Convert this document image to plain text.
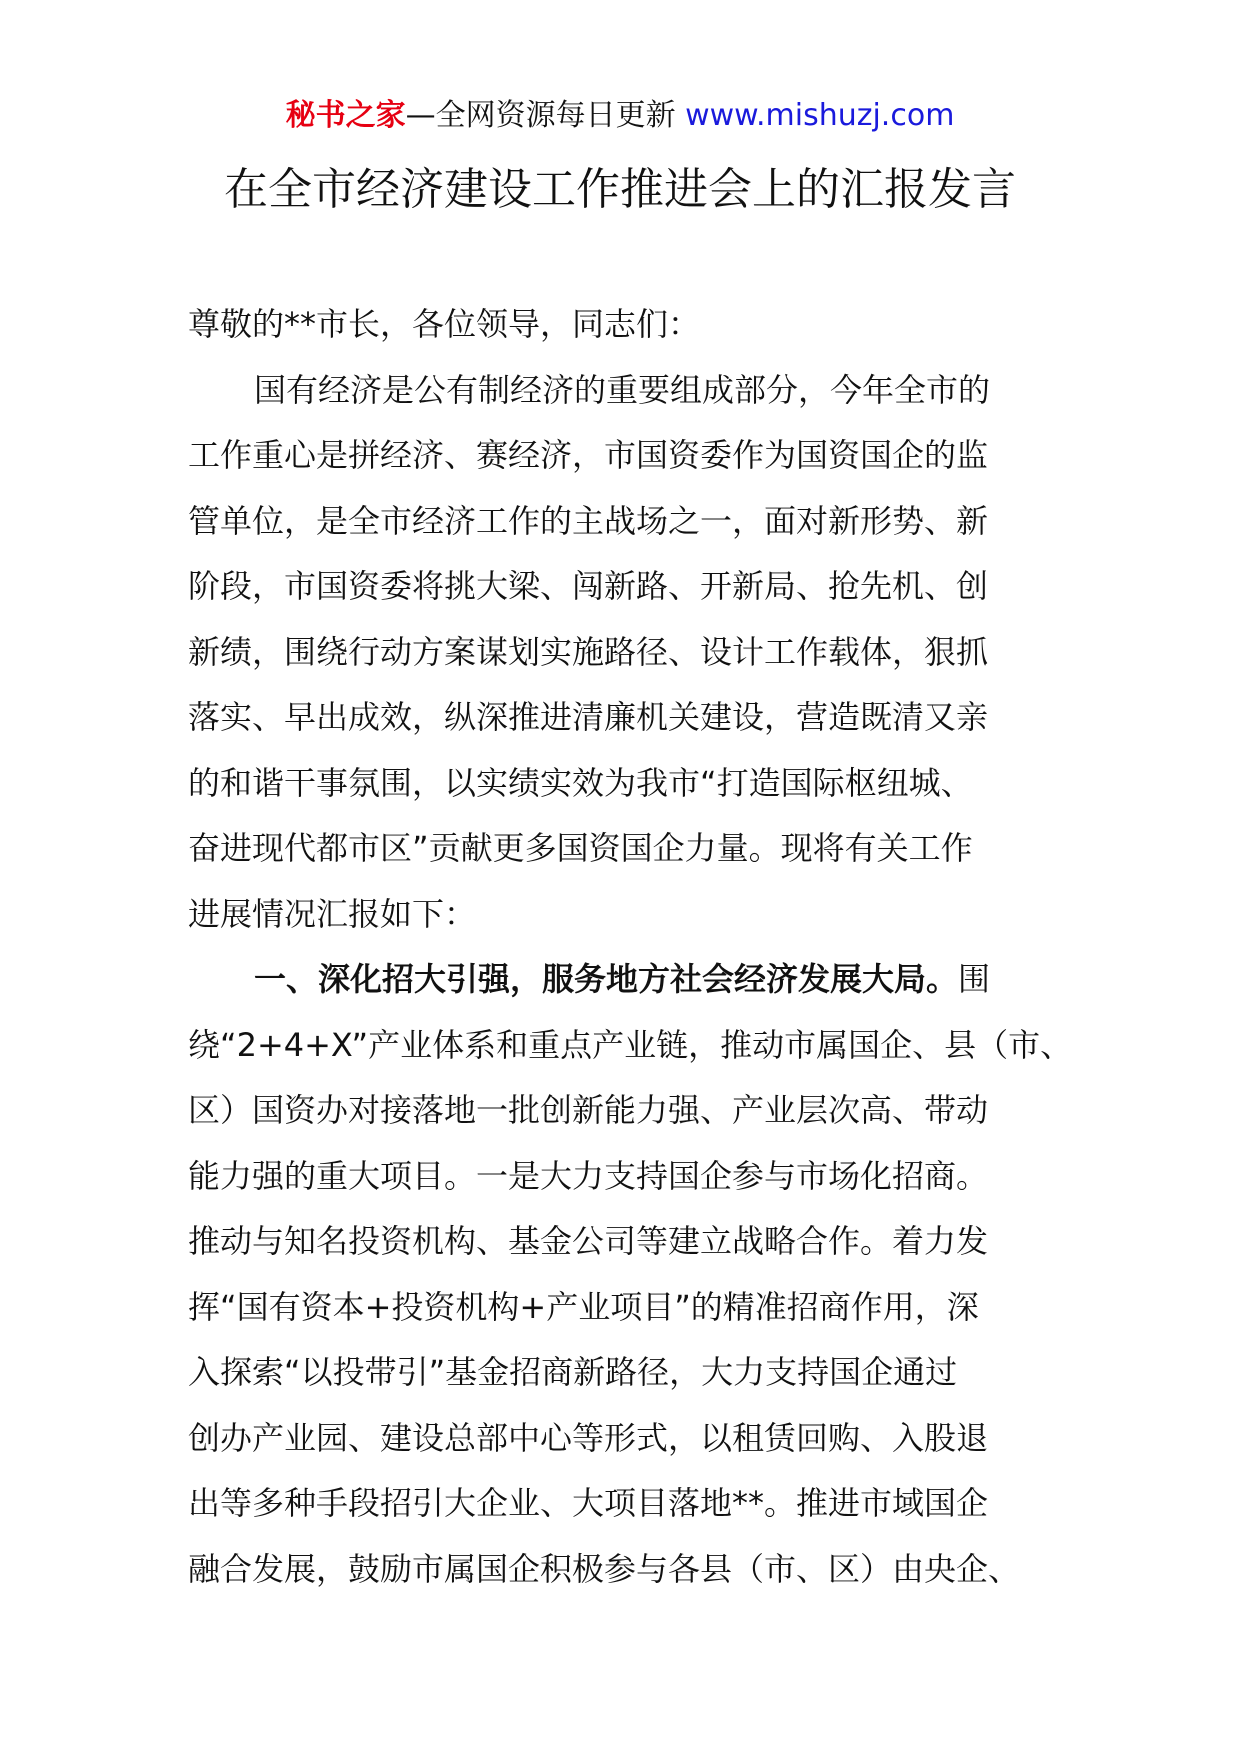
秘书之家—全网资源每日更新 www.mishuzj.com
在全市经济建设工作推进会上的汇报发言
尊敬的**市长，各位领导，同志们：
国有经济是公有制经济的重要组成部分，今年全市的
工作重心是拼经济、赛经济，市国资委作为国资国企的监
管单位，是全市经济工作的主战场之一，面对新形势、新
阶段，市国资委将挑大梁、闯新路、开新局、抢先机、创
新绩，围绕行动方案谋划实施路径、设计工作载体，狠抓
落实、早出成效，纵深推进清廉机关建设，营造既清又亲
的和谐干事氛围，以实绩实效为我市“打造国际枢纽城、
奋进现代都市区”贡献更多国资国企力量。现将有关工作
进展情况汇报如下：
一、深化招大引强，服务地方社会经济发展大局。围
绕“2+4+X”产业体系和重点产业链，推动市属国企、县（市、
区）国资办对接落地一批创新能力强、产业层次高、带动
能力强的重大项目。一是大力支持国企参与市场化招商。
推动与知名投资机构、基金公司等建立战略合作。着力发
挥“国有资本+投资机构+产业项目”的精准招商作用，深
入探索“以投带引”基金招商新路径，大力支持国企通过
创办产业园、建设总部中心等形式，以租赁回购、入股退
出等多种手段招引大企业、大项目落地**。推进市域国企
融合发展，鼓励市属国企积极参与各县（市、区）由央企、
